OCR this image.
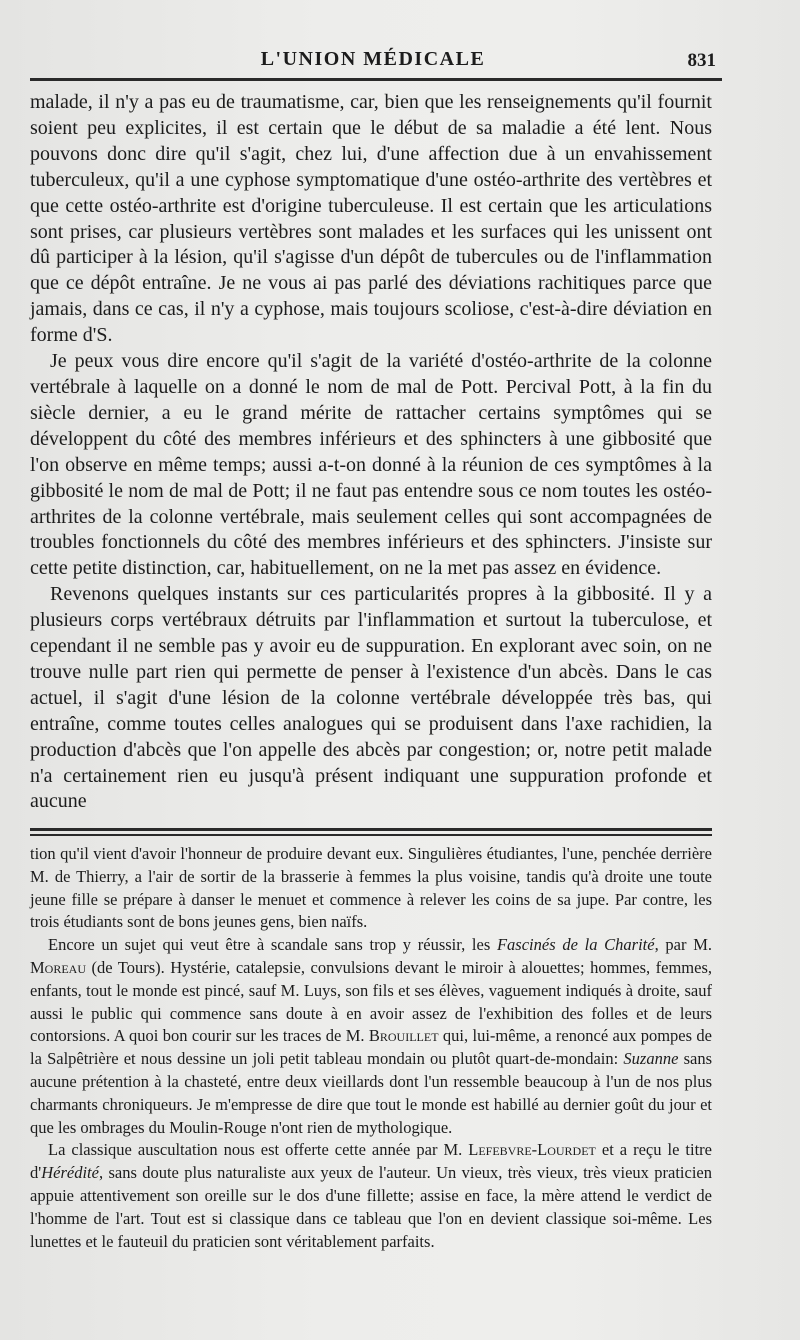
L'UNION MÉDICALE	831

malade, il n'y a pas eu de traumatisme, car, bien que les renseignements qu'il fournit soient peu explicites, il est certain que le début de sa maladie a été lent. Nous pouvons donc dire qu'il s'agit, chez lui, d'une affection due à un envahissement tuberculeux, qu'il a une cyphose symptomatique d'une ostéo-arthrite des vertèbres et que cette ostéo-arthrite est d'origine tuberculeuse. Il est certain que les articulations sont prises, car plusieurs vertèbres sont malades et les surfaces qui les unissent ont dû participer à la lésion, qu'il s'agisse d'un dépôt de tubercules ou de l'inflammation que ce dépôt entraîne. Je ne vous ai pas parlé des déviations rachitiques parce que jamais, dans ce cas, il n'y a cyphose, mais toujours scoliose, c'est-à-dire déviation en forme d'S.

Je peux vous dire encore qu'il s'agit de la variété d'ostéo-arthrite de la colonne vertébrale à laquelle on a donné le nom de mal de Pott. Percival Pott, à la fin du siècle dernier, a eu le grand mérite de rattacher certains symptômes qui se développent du côté des membres inférieurs et des sphincters à une gibbosité que l'on observe en même temps; aussi a-t-on donné à la réunion de ces symptômes à la gibbosité le nom de mal de Pott; il ne faut pas entendre sous ce nom toutes les ostéo-arthrites de la colonne vertébrale, mais seulement celles qui sont accompagnées de troubles fonctionnels du côté des membres inférieurs et des sphincters. J'insiste sur cette petite distinction, car, habituellement, on ne la met pas assez en évidence.

Revenons quelques instants sur ces particularités propres à la gibbosité. Il y a plusieurs corps vertébraux détruits par l'inflammation et surtout la tuberculose, et cependant il ne semble pas y avoir eu de suppuration. En explorant avec soin, on ne trouve nulle part rien qui permette de penser à l'existence d'un abcès. Dans le cas actuel, il s'agit d'une lésion de la colonne vertébrale développée très bas, qui entraîne, comme toutes celles analogues qui se produisent dans l'axe rachidien, la production d'abcès que l'on appelle des abcès par congestion; or, notre petit malade n'a certainement rien eu jusqu'à présent indiquant une suppuration profonde et aucune

tion qu'il vient d'avoir l'honneur de produire devant eux. Singulières étudiantes, l'une, penchée derrière M. de Thierry, a l'air de sortir de la brasserie à femmes la plus voisine, tandis qu'à droite une toute jeune fille se prépare à danser le menuet et commence à relever les coins de sa jupe. Par contre, les trois étudiants sont de bons jeunes gens, bien naïfs.

Encore un sujet qui veut être à scandale sans trop y réussir, les Fascinés de la Charité, par M. Moreau (de Tours). Hystérie, catalepsie, convulsions devant le miroir à alouettes; hommes, femmes, enfants, tout le monde est pincé, sauf M. Luys, son fils et ses élèves, vaguement indiqués à droite, sauf aussi le public qui commence sans doute à en avoir assez de l'exhibition des folles et de leurs contorsions. A quoi bon courir sur les traces de M. Brouillet qui, lui-même, a renoncé aux pompes de la Salpêtrière et nous dessine un joli petit tableau mondain ou plutôt quart-de-mondain: Suzanne sans aucune prétention à la chasteté, entre deux vieillards dont l'un ressemble beaucoup à l'un de nos plus charmants chroniqueurs. Je m'empresse de dire que tout le monde est habillé au dernier goût du jour et que les ombrages du Moulin-Rouge n'ont rien de mythologique.

La classique auscultation nous est offerte cette année par M. Lefebvre-Lourdet et a reçu le titre d'Hérédité, sans doute plus naturaliste aux yeux de l'auteur. Un vieux, très vieux, très vieux praticien appuie attentivement son oreille sur le dos d'une fillette; assise en face, la mère attend le verdict de l'homme de l'art. Tout est si classique dans ce tableau que l'on en devient classique soi-même. Les lunettes et le fauteuil du praticien sont véritablement parfaits.
